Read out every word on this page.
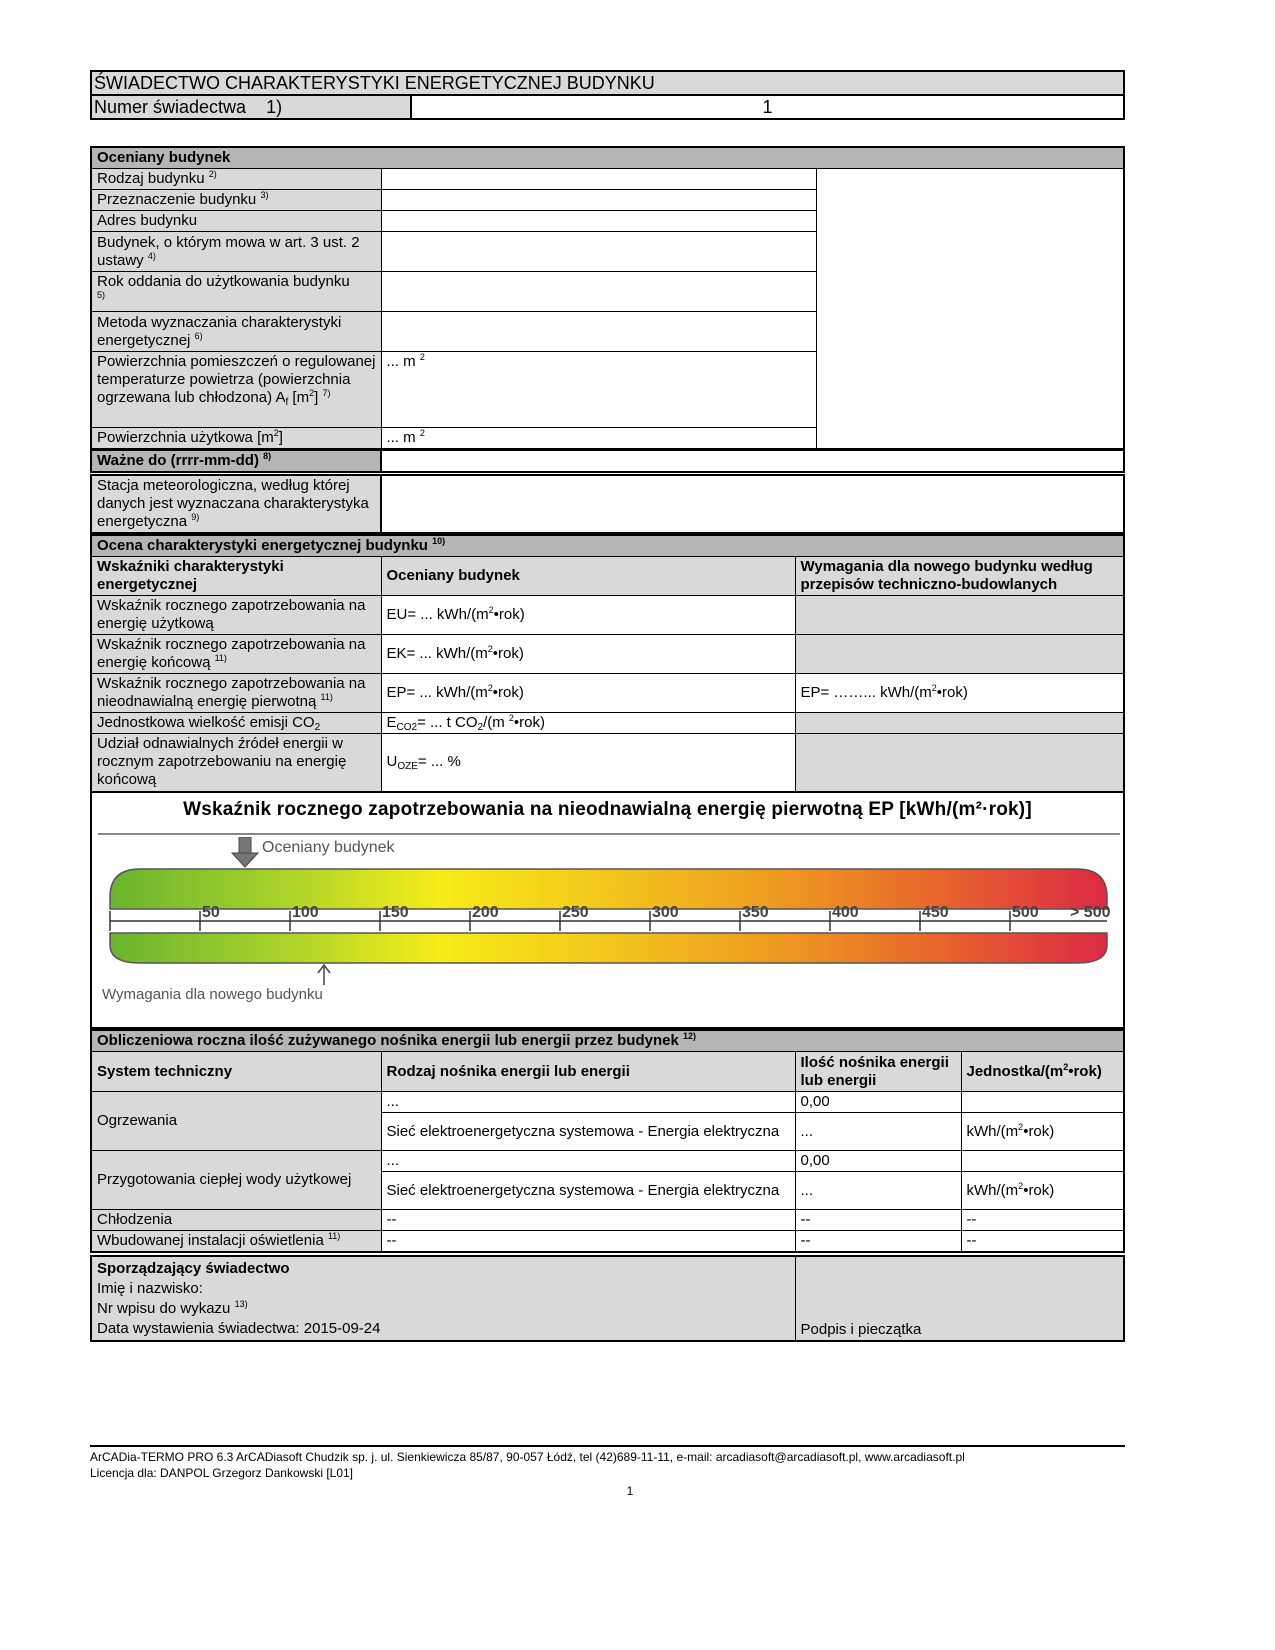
ŚWIADECTWO CHARAKTERYSTYKI ENERGETYCZNEJ BUDYNKU
Numer świadectwa 1)	1
Oceniany budynek		
Rodzaj budynku $^{2)}$		
Przeznaczenie budynku $^{3)}$	
Adres budynku		
Budynek, o którym mowa w art. 3 ust. 2 ustawy $^{4)}$	
Rok oddania do użytkowania budynku
$^{5)}$	
Metoda wyznaczania charakterystyki energetycznej $^{6)}$	
Powierzchnia pomieszczeń o regulowanej temperaturze powietrza (powierzchnia ogrzewana lub chłodzona) $A_f$ $[m^2]$ $^{7)}$	... m $^2$
Powierzchnia użytkowa $[m^2]$	... m $^2$
Ważne do (rrrr-mm-dd) $^{8)}$	
Stacja meteorologiczna, według której danych jest wyznaczana charakterystyka energetyczna $^{9)}$	
Ocena charakterystyki energetycznej budynku $^{10)}$
Wskaźniki charakterystyki energetycznej	Oceniany budynek	Wymagania dla nowego budynku według przepisów techniczno-budowlanych
Wskaźnik rocznego zapotrzebowania na energię użytkową	EU= ... kWh/$(m^2•rok)$	
Wskaźnik rocznego zapotrzebowania na energię końcową $^{11)}$	EK= ... kWh/$(m^2•rok)$	
Wskaźnik rocznego zapotrzebowania na nieodnawialną energię pierwotną $^{11)}$	EP= ... kWh/$(m^2•rok)$	EP= ……... kWh/$(m^2•rok)$
Jednostkowa wielkość emisji $CO_2$	$E_{CO2}=$ ... t $CO_2/(m$ $^2$•rok)	
Udział odnawialnych źródeł energii w rocznym zapotrzebowaniu na energię końcową	$U_{OZE}=$ ... %	
Wskaźnik rocznego zapotrzebowania na nieodnawialną energię pierwotną EP [kWh/(m²·rok)]
Oceniany budynek
50	100	150	200	250	300	350	400	450	500 > 500
Wymagania dla nowego budynku
Obliczeniowa roczna ilość zużywanego nośnika energii lub energii przez budynek $^{12)}$
System techniczny	Rodzaj nośnika energii lub energii	Ilość nośnika energii lub energii	Jednostka/$(m^2•rok)$
Ogrzewania	...	0,00	
	Sieć elektroenergetyczna systemowa - Energia elektryczna	...	kWh/$(m^2•rok)$
Przygotowania ciepłej wody użytkowej	...	0,00	
	Sieć elektroenergetyczna systemowa - Energia elektryczna	...	kWh/$(m^2•rok)$
Chłodzenia	--	--	--
Wbudowanej instalacji oświetlenia $^{11)}$	--	--	--
Sporządzający świadectwo
Imię i nazwisko:
Nr wpisu do wykazu $^{13)}$
Data wystawienia świadectwa: 2015-09-24	Podpis i pieczątka
ArCADia-TERMO PRO 6.3 ArCADiasoft Chudzik sp. j. ul. Sienkiewicza 85/87, 90-057 Łódź, tel (42)689-11-11, e-mail: arcadiasoft@arcadiasoft.pl, www.arcadiasoft.pl
Licencja dla: DANPOL Grzegorz Dankowski [L01]
1
